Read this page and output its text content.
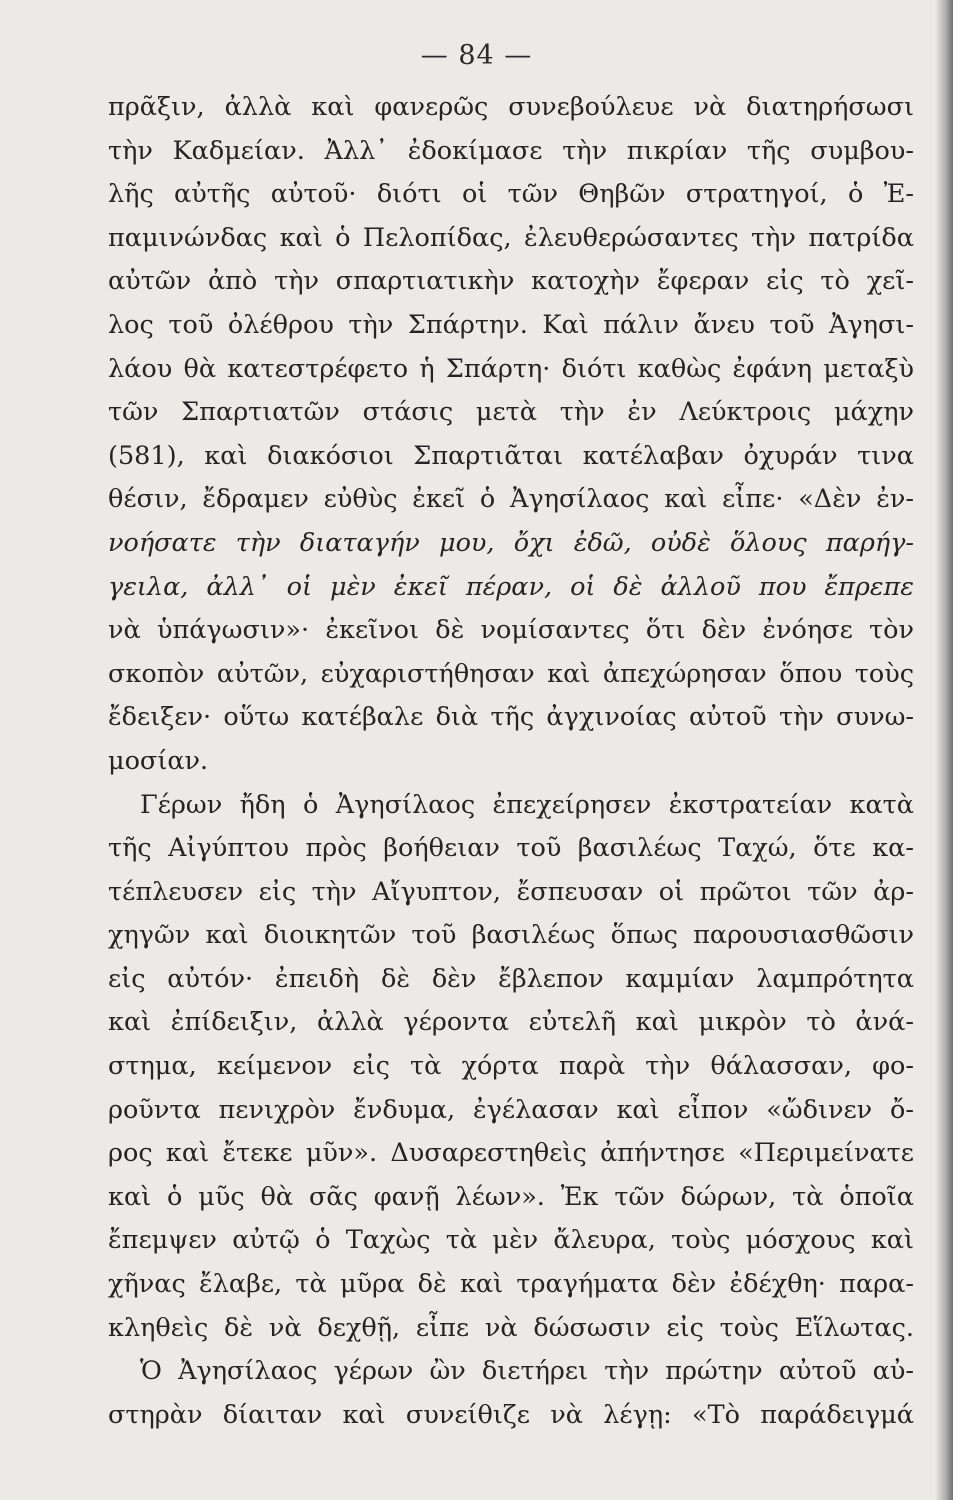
— 84 —
πρᾶξιν, ἀλλὰ καὶ φανερῶς συνεβούλευε νὰ διατηρήσωσι
τὴν Καδμείαν. Ἀλλ᾽ ἐδοκίμασε τὴν πικρίαν τῆς συμβου-
λῆς αὐτῆς αὐτοῦ· διότι οἱ τῶν Θηβῶν στρατηγοί, ὁ Ἐ-
παμινώνδας καὶ ὁ Πελοπίδας, ἐλευθερώσαντες τὴν πατρίδα
αὐτῶν ἀπὸ τὴν σπαρτιατικὴν κατοχὴν ἔφεραν εἰς τὸ χεῖ-
λος τοῦ ὀλέθρου τὴν Σπάρτην. Καὶ πάλιν ἄνευ τοῦ Ἀγησι-
λάου θὰ κατεστρέφετο ἡ Σπάρτη· διότι καθὼς ἐφάνη μεταξὺ
τῶν Σπαρτιατῶν στάσις μετὰ τὴν ἐν Λεύκτροις μάχην
(581), καὶ διακόσιοι Σπαρτιᾶται κατέλαβαν ὀχυράν τινα
θέσιν, ἔδραμεν εὐθὺς ἐκεῖ ὁ Ἀγησίλαος καὶ εἶπε· «Δὲν ἐν-
νοήσατε τὴν διαταγήν μου, ὄχι ἐδῶ, οὐδὲ ὅλους παρήγ-
γειλα, ἀλλ᾽ οἱ μὲν ἐκεῖ πέραν, οἱ δὲ ἀλλοῦ που ἔπρεπε
νὰ ὑπάγωσιν»· ἐκεῖνοι δὲ νομίσαντες ὅτι δὲν ἐνόησε τὸν
σκοπὸν αὐτῶν, εὐχαριστήθησαν καὶ ἀπεχώρησαν ὅπου τοὺς
ἔδειξεν· οὕτω κατέβαλε διὰ τῆς ἀγχινοίας αὐτοῦ τὴν συνω-
μοσίαν.
Γέρων ἤδη ὁ Ἀγησίλαος ἐπεχείρησεν ἐκστρατείαν κατὰ
τῆς Αἰγύπτου πρὸς βοήθειαν τοῦ βασιλέως Ταχώ, ὅτε κα-
τέπλευσεν εἰς τὴν Αἴγυπτον, ἔσπευσαν οἱ πρῶτοι τῶν ἀρ-
χηγῶν καὶ διοικητῶν τοῦ βασιλέως ὅπως παρουσιασθῶσιν
εἰς αὐτόν· ἐπειδὴ δὲ δὲν ἔβλεπον καμμίαν λαμπρότητα
καὶ ἐπίδειξιν, ἀλλὰ γέροντα εὐτελῆ καὶ μικρὸν τὸ ἀνά-
στημα, κείμενον εἰς τὰ χόρτα παρὰ τὴν θάλασσαν, φο-
ροῦντα πενιχρὸν ἔνδυμα, ἐγέλασαν καὶ εἶπον «ὤδινεν ὄ-
ρος καὶ ἔτεκε μῦν». Δυσαρεστηθεὶς ἀπήντησε «Περιμείνατε
καὶ ὁ μῦς θὰ σᾶς φανῇ λέων». Ἐκ τῶν δώρων, τὰ ὁποῖα
ἔπεμψεν αὐτῷ ὁ Ταχὼς τὰ μὲν ἄλευρα, τοὺς μόσχους καὶ
χῆνας ἔλαβε, τὰ μῦρα δὲ καὶ τραγήματα δὲν ἐδέχθη· παρα-
κληθεὶς δὲ νὰ δεχθῇ, εἶπε νὰ δώσωσιν εἰς τοὺς Εἵλωτας.
Ὁ Ἀγησίλαος γέρων ὢν διετήρει τὴν πρώτην αὐτοῦ αὐ-
στηρὰν δίαιταν καὶ συνείθιζε νὰ λέγῃ: «Τὸ παράδειγμά
